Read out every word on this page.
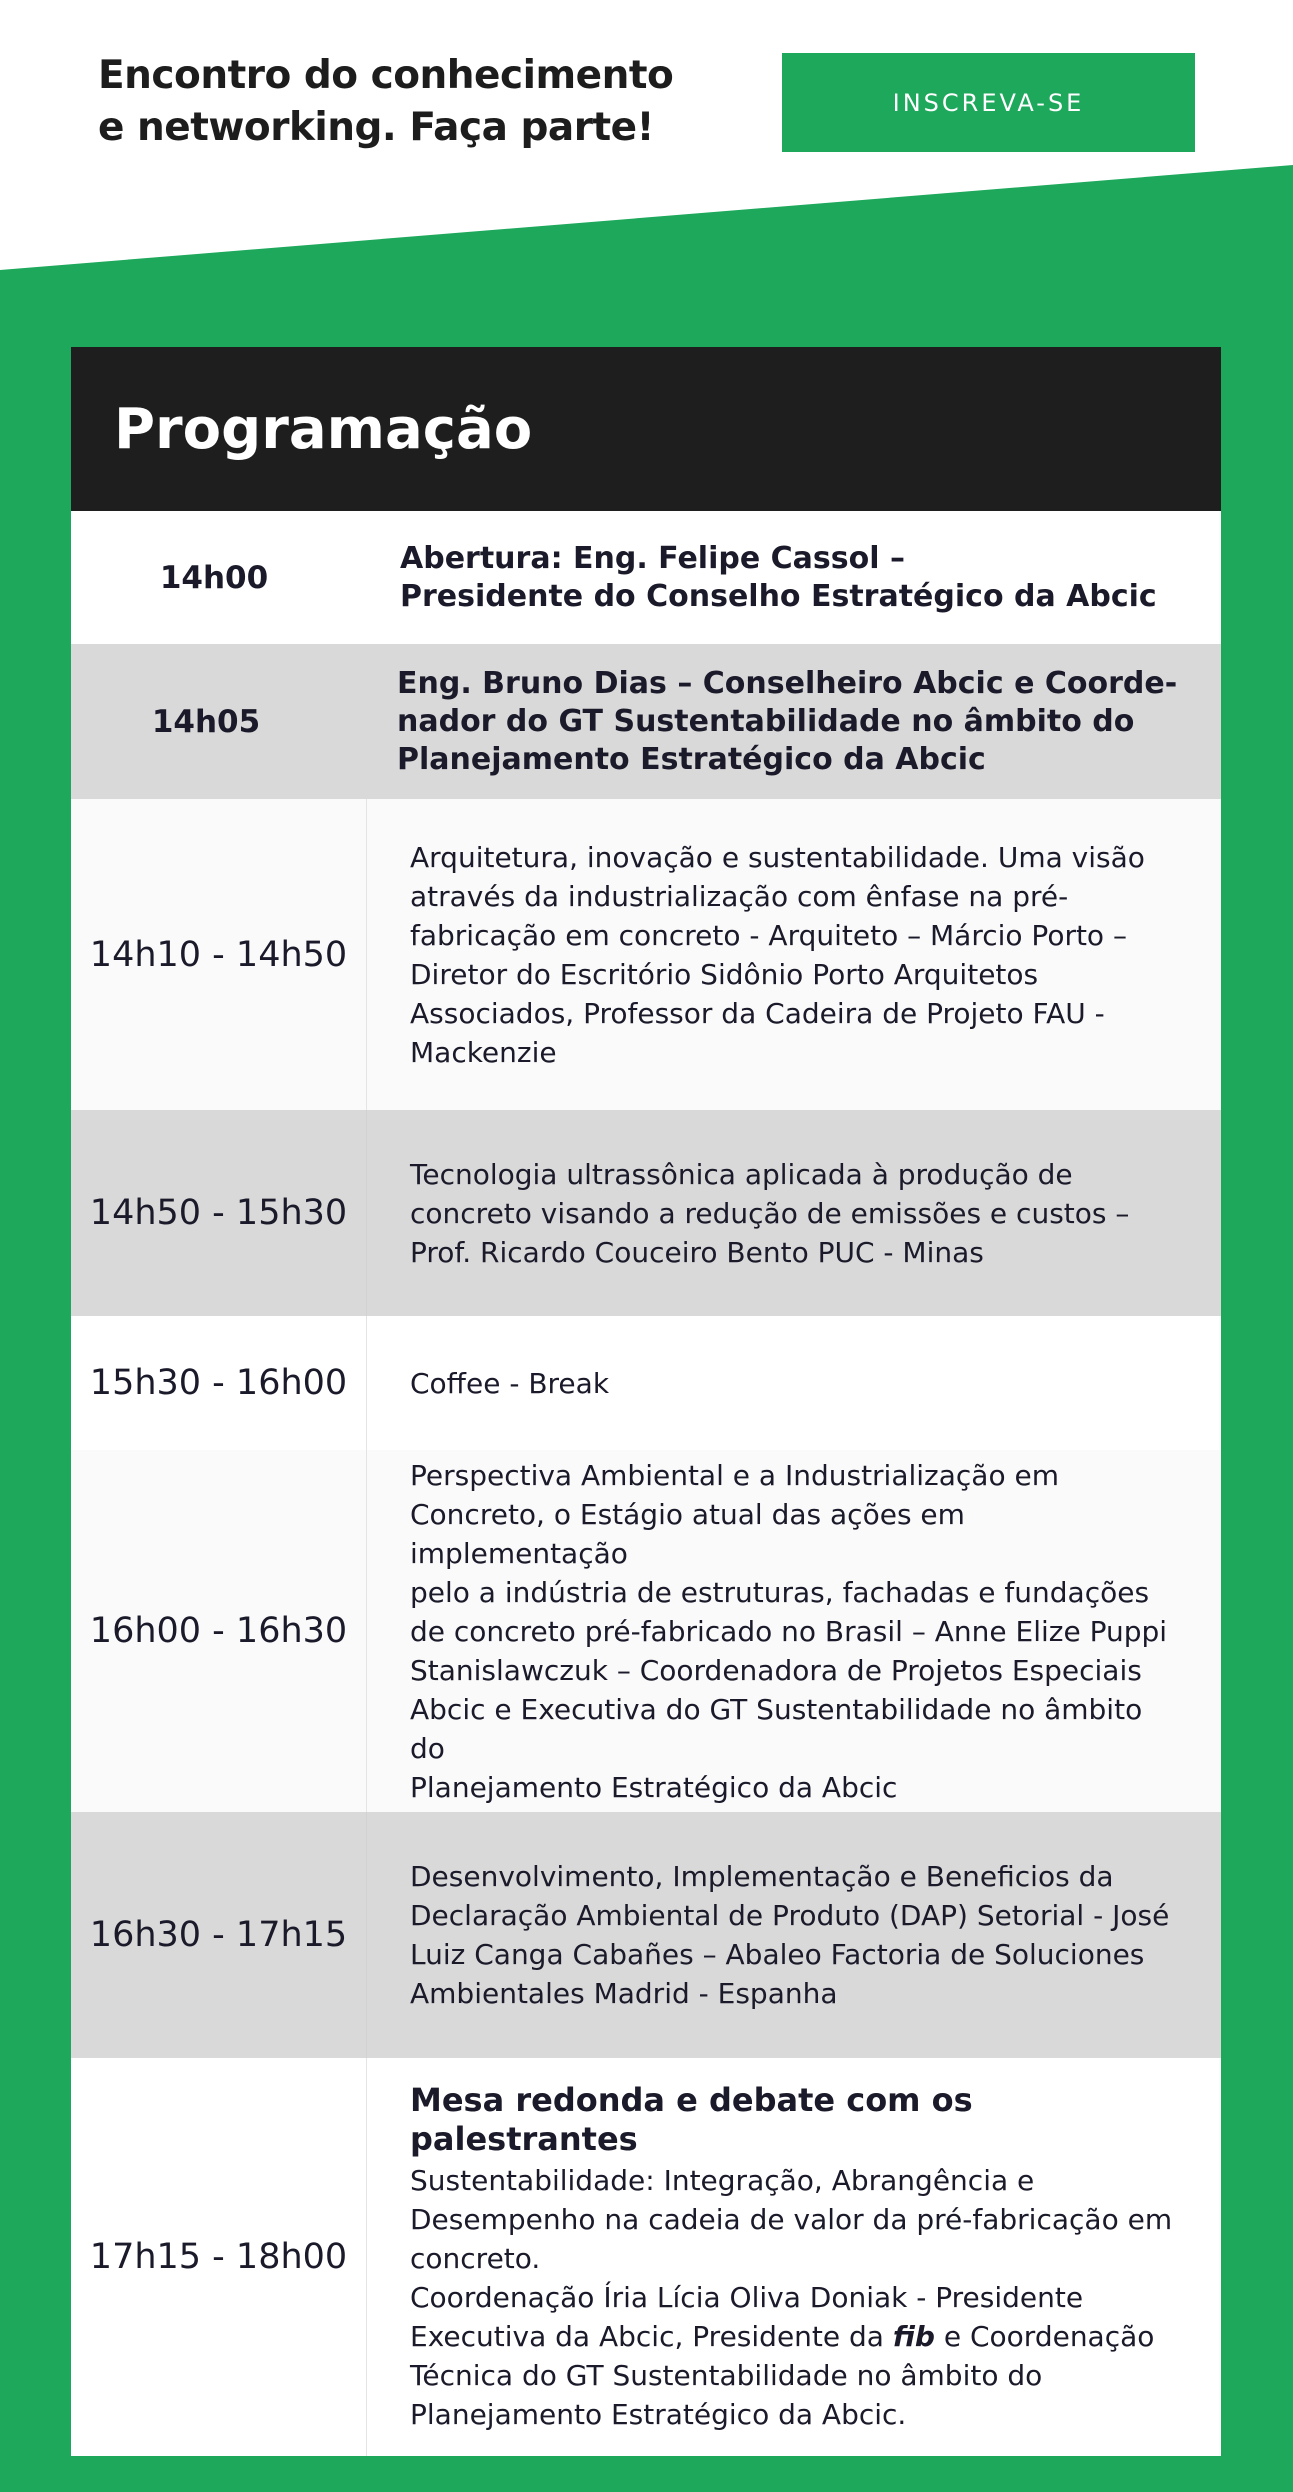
Encontro do conhecimento
e networking. Faça parte!
INSCREVA-SE
Programação
14h00
Abertura: Eng. Felipe Cassol –
Presidente do Conselho Estratégico da Abcic
14h05
Eng. Bruno Dias – Conselheiro Abcic e Coorde-
nador do GT Sustentabilidade no âmbito do
Planejamento Estratégico da Abcic
14h10 - 14h50
Arquitetura, inovação e sustentabilidade. Uma visão
através da industrialização com ênfase na pré-
fabricação em concreto - Arquiteto – Márcio Porto –
Diretor do Escritório Sidônio Porto Arquitetos
Associados, Professor da Cadeira de Projeto FAU -
Mackenzie
14h50 - 15h30
Tecnologia ultrassônica aplicada à produção de
concreto visando a redução de emissões e custos –
Prof. Ricardo Couceiro Bento PUC - Minas
15h30 - 16h00	Coffee - Break
16h00 - 16h30
Perspectiva Ambiental e a Industrialização em
Concreto, o Estágio atual das ações em implementação
pelo a indústria de estruturas, fachadas e fundações
de concreto pré-fabricado no Brasil – Anne Elize Puppi
Stanislawczuk – Coordenadora de Projetos Especiais
Abcic e Executiva do GT Sustentabilidade no âmbito do
Planejamento Estratégico da Abcic
16h30 - 17h15
Desenvolvimento, Implementação e Beneficios da
Declaração Ambiental de Produto (DAP) Setorial - José
Luiz Canga Cabañes – Abaleo Factoria de Soluciones
Ambientales Madrid - Espanha
17h15 - 18h00
Mesa redonda e debate com os palestrantes
Sustentabilidade: Integração, Abrangência e
Desempenho na cadeia de valor da pré-fabricação em
concreto.
Coordenação Íria Lícia Oliva Doniak - Presidente
Executiva da Abcic, Presidente da fib e Coordenação
Técnica do GT Sustentabilidade no âmbito do
Planejamento Estratégico da Abcic.
